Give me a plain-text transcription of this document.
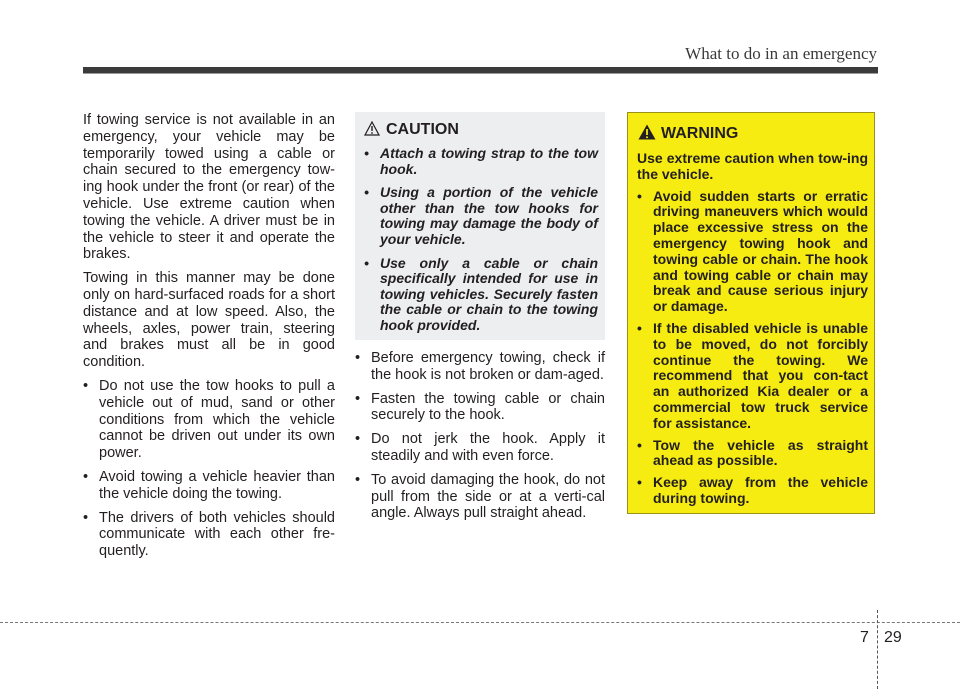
What to do in an emergency

If towing service is not available in an emergency, your vehicle may be temporarily towed using a cable or chain secured to the emergency tow-ing hook under the front (or rear) of the vehicle. Use extreme caution when towing the vehicle. A driver must be in the vehicle to steer it and operate the brakes.

Towing in this manner may be done only on hard-surfaced roads for a short distance and at low speed. Also, the wheels, axles, power train, steering and brakes must all be in good condition.

• Do not use the tow hooks to pull a vehicle out of mud, sand or other conditions from which the vehicle cannot be driven out under its own power.
• Avoid towing a vehicle heavier than the vehicle doing the towing.
• The drivers of both vehicles should communicate with each other fre-quently.
CAUTION
• Attach a towing strap to the tow hook.
• Using a portion of the vehicle other than the tow hooks for towing may damage the body of your vehicle.
• Use only a cable or chain specifically intended for use in towing vehicles. Securely fasten the cable or chain to the towing hook provided.
• Before emergency towing, check if the hook is not broken or dam-aged.
• Fasten the towing cable or chain securely to the hook.
• Do not jerk the hook. Apply it steadily and with even force.
• To avoid damaging the hook, do not pull from the side or at a verti-cal angle. Always pull straight ahead.
WARNING

Use extreme caution when tow-ing the vehicle.

• Avoid sudden starts or erratic driving maneuvers which would place excessive stress on the emergency towing hook and towing cable or chain. The hook and towing cable or chain may break and cause serious injury or damage.
• If the disabled vehicle is unable to be moved, do not forcibly continue the towing. We recommend that you con-tact an authorized Kia dealer or a commercial tow truck service for assistance.
• Tow the vehicle as straight ahead as possible.
• Keep away from the vehicle during towing.
7 29
